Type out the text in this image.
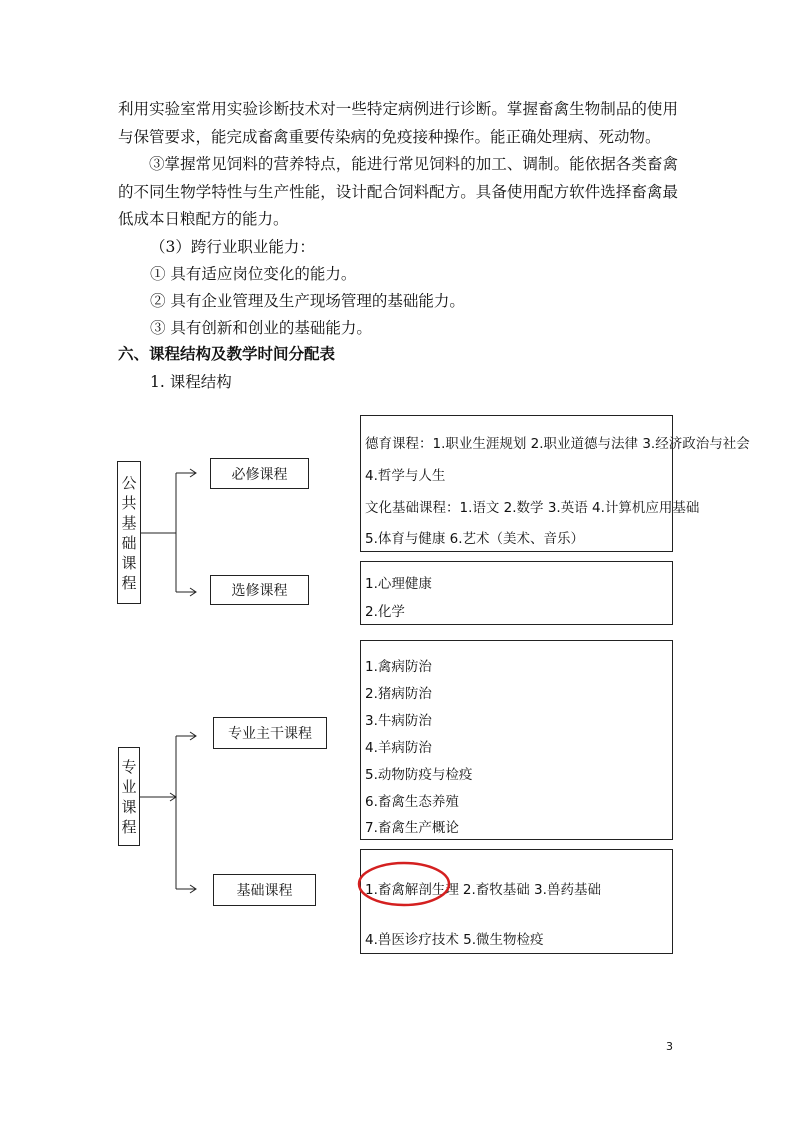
利用实验室常用实验诊断技术对一些特定病例进行诊断。掌握畜禽生物制品的使用与保管要求，能完成畜禽重要传染病的免疫接种操作。能正确处理病、死动物。

③掌握常见饲料的营养特点，能进行常见饲料的加工、调制。能依据各类畜禽的不同生物学特性与生产性能，设计配合饲料配方。具备使用配方软件选择畜禽最低成本日粮配方的能力。

（3）跨行业职业能力：
① 具有适应岗位变化的能力。
② 具有企业管理及生产现场管理的基础能力。
③ 具有创新和创业的基础能力。
六、课程结构及教学时间分配表
1. 课程结构
公
共
基
础
课
程
专
业
课
程
必修课程
选修课程
专业主干课程
基础课程
德育课程：1.职业生涯规划 2.职业道德与法律 3.经济政治与社会
4.哲学与人生
文化基础课程：1.语文 2.数学 3.英语 4.计算机应用基础
5.体育与健康 6.艺术（美术、音乐）
1.心理健康
2.化学
1.禽病防治
2.猪病防治
3.牛病防治
4.羊病防治
5.动物防疫与检疫
6.畜禽生态养殖
7.畜禽生产概论
1.畜禽解剖生理 2.畜牧基础 3.兽药基础
4.兽医诊疗技术 5.微生物检疫
3
